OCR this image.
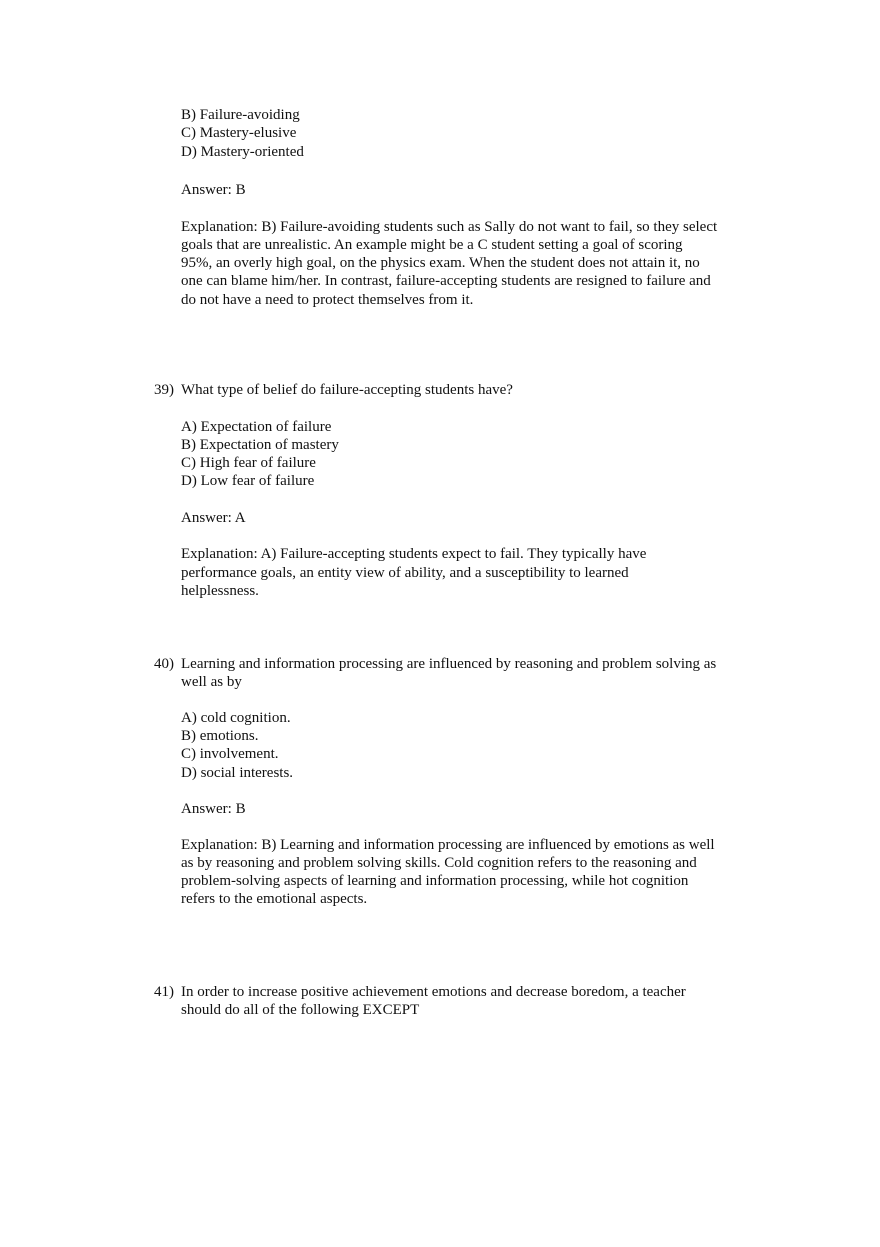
B) Failure-avoiding
C) Mastery-elusive
D) Mastery-oriented
Answer: B
Explanation: B) Failure-avoiding students such as Sally do not want to fail, so they select
goals that are unrealistic. An example might be a C student setting a goal of scoring
95%, an overly high goal, on the physics exam. When the student does not attain it, no
one can blame him/her. In contrast, failure-accepting students are resigned to failure and
do not have a need to protect themselves from it.
39) What type of belief do failure-accepting students have?
A) Expectation of failure
B) Expectation of mastery
C) High fear of failure
D) Low fear of failure
Answer: A
Explanation: A) Failure-accepting students expect to fail. They typically have
performance goals, an entity view of ability, and a susceptibility to learned
helplessness.
40) Learning and information processing are influenced by reasoning and problem solving as
well as by
A) cold cognition.
B) emotions.
C) involvement.
D) social interests.
Answer: B
Explanation: B) Learning and information processing are influenced by emotions as well
as by reasoning and problem solving skills. Cold cognition refers to the reasoning and
problem-solving aspects of learning and information processing, while hot cognition
refers to the emotional aspects.
41) In order to increase positive achievement emotions and decrease boredom, a teacher
should do all of the following EXCEPT
